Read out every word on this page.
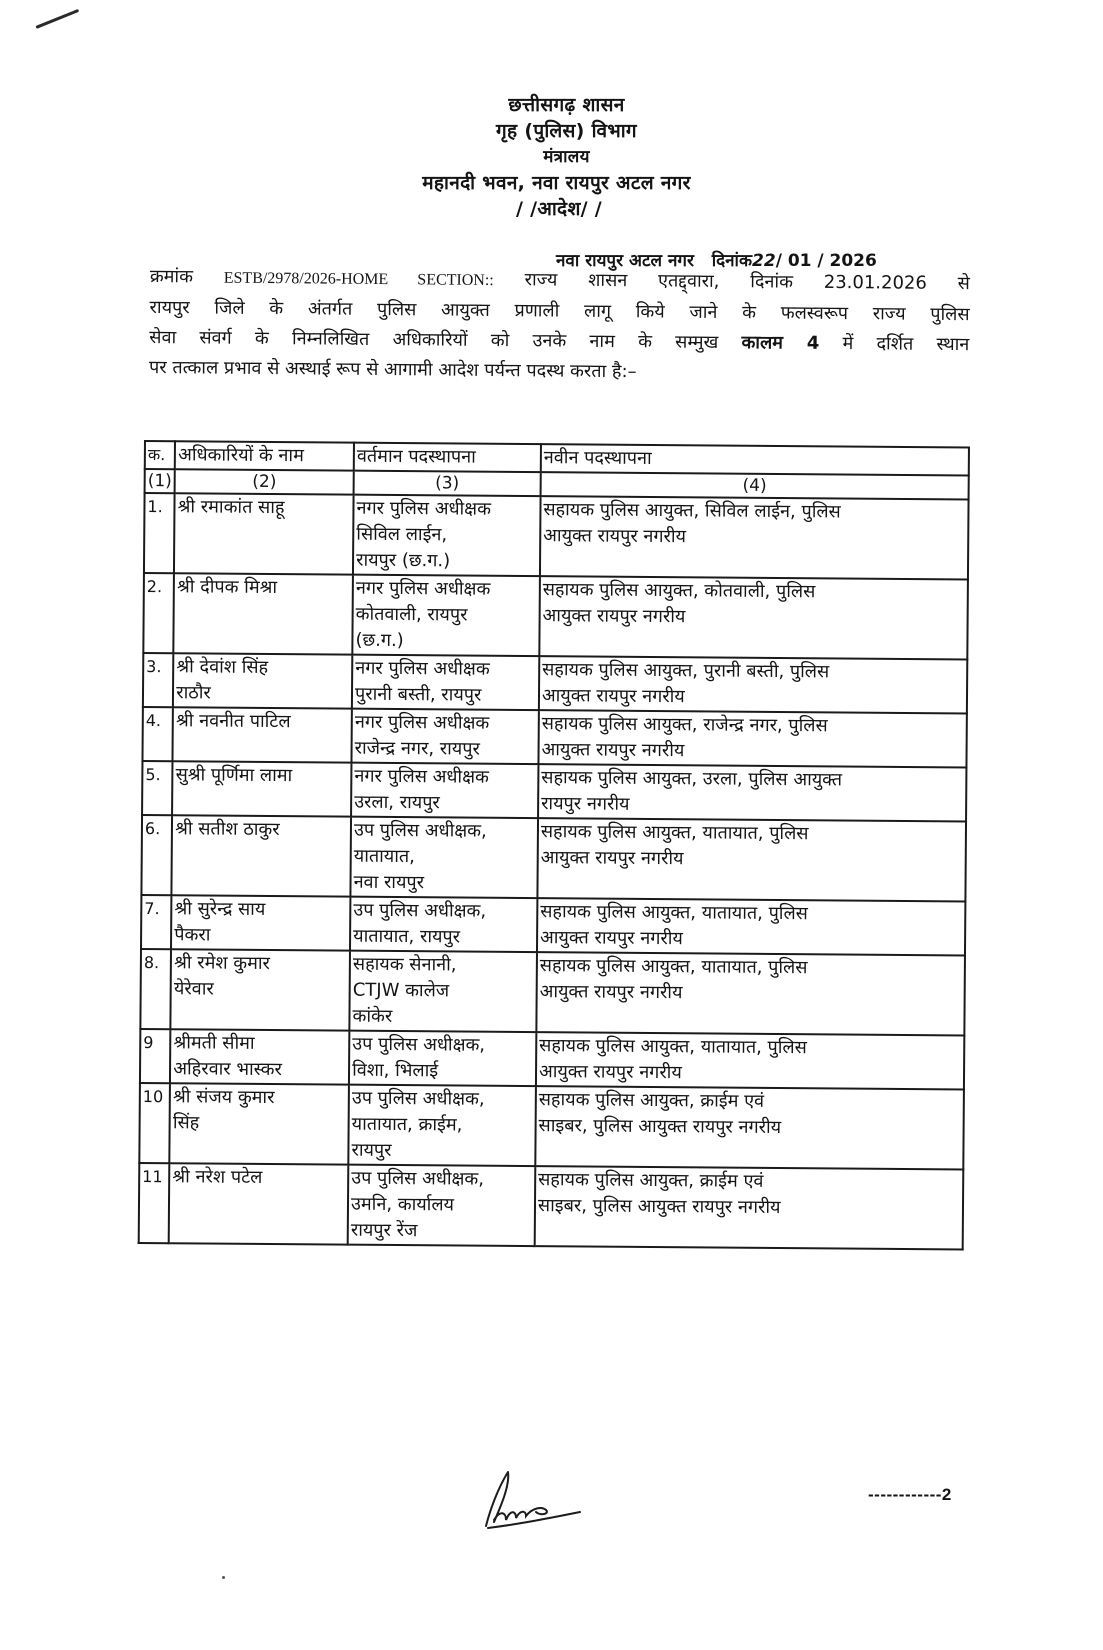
छत्तीसगढ़ शासन
गृह (पुलिस) विभाग
मंत्रालय
महानदी भवन, नवा रायपुर अटल नगर
/ /आदेश/ /
नवा रायपुर अटल नगर दिनांक22/ 01 / 2026

क्रमांक ESTB/2978/2026-HOME SECTION:: राज्य शासन एतद्द्वारा, दिनांक 23.01.2026 से

रायपुर जिले के अंतर्गत पुलिस आयुक्त प्रणाली लागू किये जाने के फलस्वरूप राज्य पुलिस

सेवा संवर्ग के निम्नलिखित अधिकारियों को उनके नाम के सम्मुख कालम 4 में दर्शित स्थान

पर तत्काल प्रभाव से अस्थाई रूप से आगामी आदेश पर्यन्त पदस्थ करता है:–

क.	अधिकारियों के नाम	वर्तमान पदस्थापना	नवीन पदस्थापना
(1)	(2)	(3)	(4)
1.	श्री रमाकांत साहू	नगर पुलिस अधीक्षक
सिविल लाईन,
रायपुर (छ.ग.)	सहायक पुलिस आयुक्त, सिविल लाईन, पुलिस
आयुक्त रायपुर नगरीय

2.	श्री दीपक मिश्रा	नगर पुलिस अधीक्षक
कोतवाली, रायपुर
(छ.ग.)	सहायक पुलिस आयुक्त, कोतवाली, पुलिस
आयुक्त रायपुर नगरीय

3.	श्री देवांश सिंह
राठौर	नगर पुलिस अधीक्षक
पुरानी बस्ती, रायपुर	सहायक पुलिस आयुक्त, पुरानी बस्ती, पुलिस
आयुक्त रायपुर नगरीय

4.	श्री नवनीत पाटिल	नगर पुलिस अधीक्षक
राजेन्द्र नगर, रायपुर	सहायक पुलिस आयुक्त, राजेन्द्र नगर, पुलिस
आयुक्त रायपुर नगरीय

5.	सुश्री पूर्णिमा लामा	नगर पुलिस अधीक्षक
उरला, रायपुर	सहायक पुलिस आयुक्त, उरला, पुलिस आयुक्त
रायपुर नगरीय

6.	श्री सतीश ठाकुर	उप पुलिस अधीक्षक,
यातायात,
नवा रायपुर	सहायक पुलिस आयुक्त, यातायात, पुलिस
आयुक्त रायपुर नगरीय

7.	श्री सुरेन्द्र साय
पैकरा	उप पुलिस अधीक्षक,
यातायात, रायपुर	सहायक पुलिस आयुक्त, यातायात, पुलिस
आयुक्त रायपुर नगरीय

8.	श्री रमेश कुमार
येरेवार	सहायक सेनानी,
CTJW कालेज
कांकेर	सहायक पुलिस आयुक्त, यातायात, पुलिस
आयुक्त रायपुर नगरीय

9	श्रीमती सीमा
अहिरवार भास्कर	उप पुलिस अधीक्षक,
विशा, भिलाई	सहायक पुलिस आयुक्त, यातायात, पुलिस
आयुक्त रायपुर नगरीय

10	श्री संजय कुमार
सिंह	उप पुलिस अधीक्षक,
यातायात, क्राईम,
रायपुर	सहायक पुलिस आयुक्त, क्राईम एवं
साइबर, पुलिस आयुक्त रायपुर नगरीय

11	श्री नरेश पटेल	उप पुलिस अधीक्षक,
उमनि, कार्यालय
रायपुर रेंज	सहायक पुलिस आयुक्त, क्राईम एवं
साइबर, पुलिस आयुक्त रायपुर नगरीय
------------2
